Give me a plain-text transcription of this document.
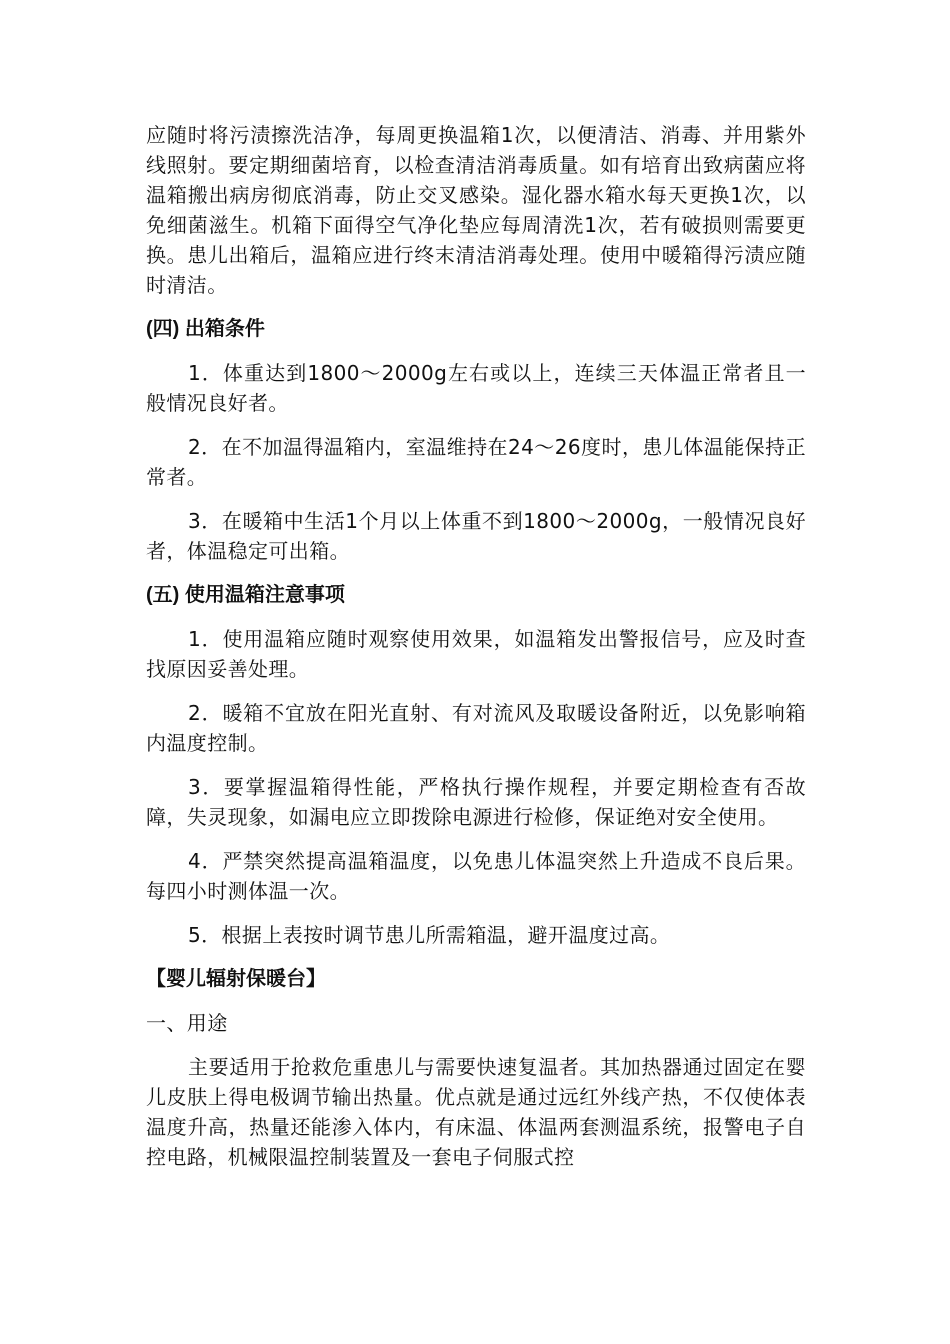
应随时将污渍擦洗洁净，每周更换温箱1次，以便清洁、消毒、并用紫外线照射。要定期细菌培育，以检查清洁消毒质量。如有培育出致病菌应将温箱搬出病房彻底消毒，防止交叉感染。湿化器水箱水每天更换1次，以免细菌滋生。机箱下面得空气净化垫应每周清洗1次，若有破损则需要更换。患儿出箱后，温箱应进行终末清洁消毒处理。使用中暖箱得污渍应随时清洁。

(四) 出箱条件

1．体重达到1800～2000g左右或以上，连续三天体温正常者且一般情况良好者。

2．在不加温得温箱内，室温维持在24～26度时，患儿体温能保持正常者。

3．在暖箱中生活1个月以上体重不到1800～2000g，一般情况良好者，体温稳定可出箱。

(五) 使用温箱注意事项

1．使用温箱应随时观察使用效果，如温箱发出警报信号，应及时查找原因妥善处理。

2．暖箱不宜放在阳光直射、有对流风及取暖设备附近，以免影响箱内温度控制。

3．要掌握温箱得性能，严格执行操作规程，并要定期检查有否故障，失灵现象，如漏电应立即拨除电源进行检修，保证绝对安全使用。

4．严禁突然提高温箱温度，以免患儿体温突然上升造成不良后果。每四小时测体温一次。

5．根据上表按时调节患儿所需箱温，避开温度过高。

【婴儿辐射保暖台】

一、用途

主要适用于抢救危重患儿与需要快速复温者。其加热器通过固定在婴儿皮肤上得电极调节输出热量。优点就是通过远红外线产热，不仅使体表温度升高，热量还能渗入体内，有床温、体温两套测温系统，报警电子自控电路，机械限温控制装置及一套电子伺服式控
